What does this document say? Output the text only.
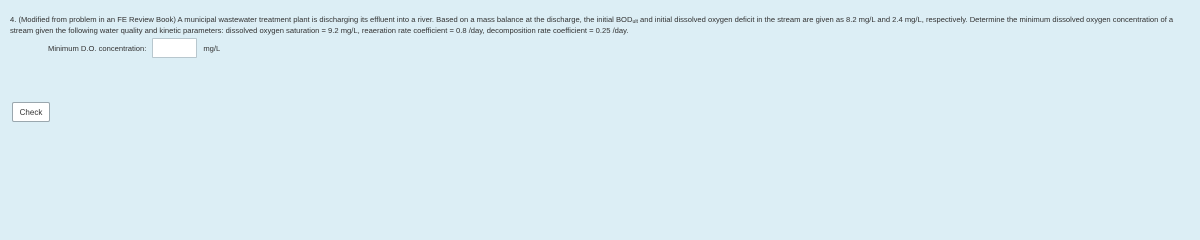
4. (Modified from problem in an FE Review Book) A municipal wastewater treatment plant is discharging its effluent into a river. Based on a mass balance at the discharge, the initial $BOD_{ult}$ and initial dissolved oxygen deficit in the stream are given as 8.2 mg/L and 2.4 mg/L, respectively. Determine the minimum dissolved oxygen concentration of a stream given the following water quality and kinetic parameters: dissolved oxygen saturation = 9.2 mg/L, reaeration rate coefficient = 0.8 /day, decomposition rate coefficient = 0.25 /day.
Minimum D.O. concentration:	mg/L
Check
